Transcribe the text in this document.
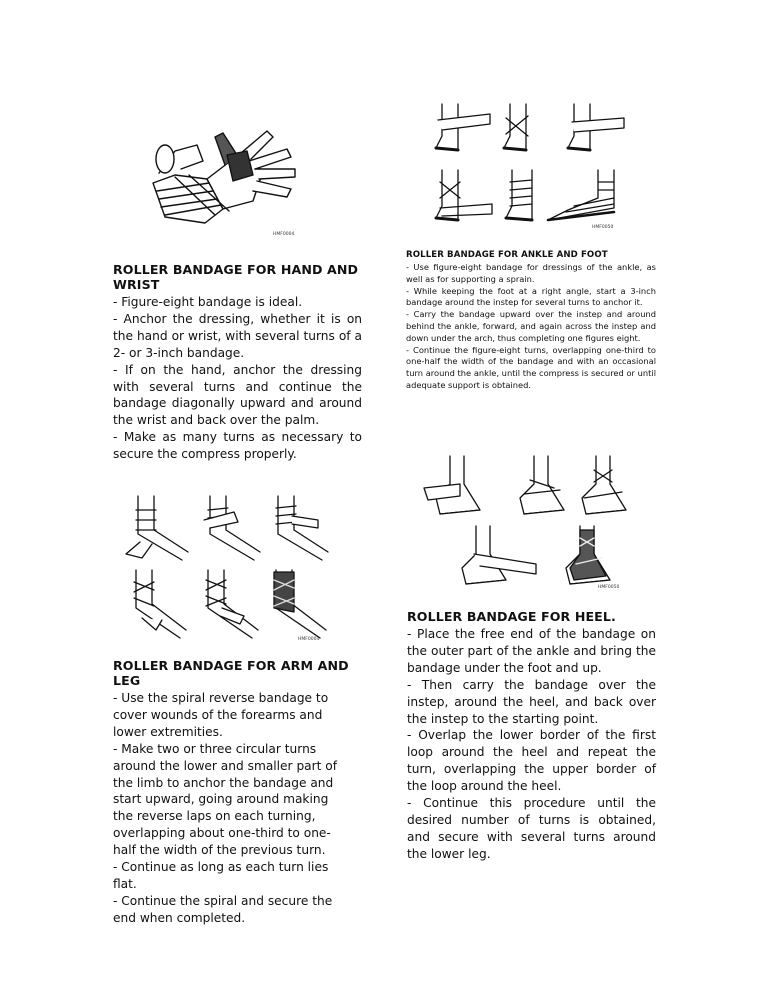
HMF0004
HMF0050
HMF0004
HMF0050
ROLLER BANDAGE FOR HAND AND WRIST

- Figure-eight bandage is ideal.

- Anchor the dressing, whether it is on the hand or wrist, with several turns of a 2- or 3-inch bandage.

- If on the hand, anchor the dressing with several turns and continue the bandage diagonally upward and around the wrist and back over the palm.

- Make as many turns as necessary to secure the compress properly.

ROLLER BANDAGE FOR ANKLE AND FOOT

- Use figure-eight bandage for dressings of the ankle, as well as for supporting a sprain.

- While keeping the foot at a right angle, start a 3-inch bandage around the instep for several turns to anchor it.

- Carry the bandage upward over the instep and around behind the ankle, forward, and again across the instep and down under the arch, thus completing one figures eight.

- Continue the figure-eight turns, overlapping one-third to one-half the width of the bandage and with an occasional turn around the ankle, until the compress is secured or until adequate support is obtained.

ROLLER BANDAGE FOR ARM AND LEG

- Use the spiral reverse bandage to cover wounds of the forearms and lower extremities.

- Make two or three circular turns around the lower and smaller part of the limb to anchor the bandage and start upward, going around making the reverse laps on each turning, overlapping about one-third to one-half the width of the previous turn.

- Continue as long as each turn lies flat.

- Continue the spiral and secure the end when completed.

ROLLER BANDAGE FOR HEEL.

- Place the free end of the bandage on the outer part of the ankle and bring the bandage under the foot and up.

- Then carry the bandage over the instep, around the heel, and back over the instep to the starting point.

- Overlap the lower border of the first loop around the heel and repeat the turn, overlapping the upper border of the loop around the heel.

- Continue this procedure until the desired number of turns is obtained, and secure with several turns around the lower leg.
